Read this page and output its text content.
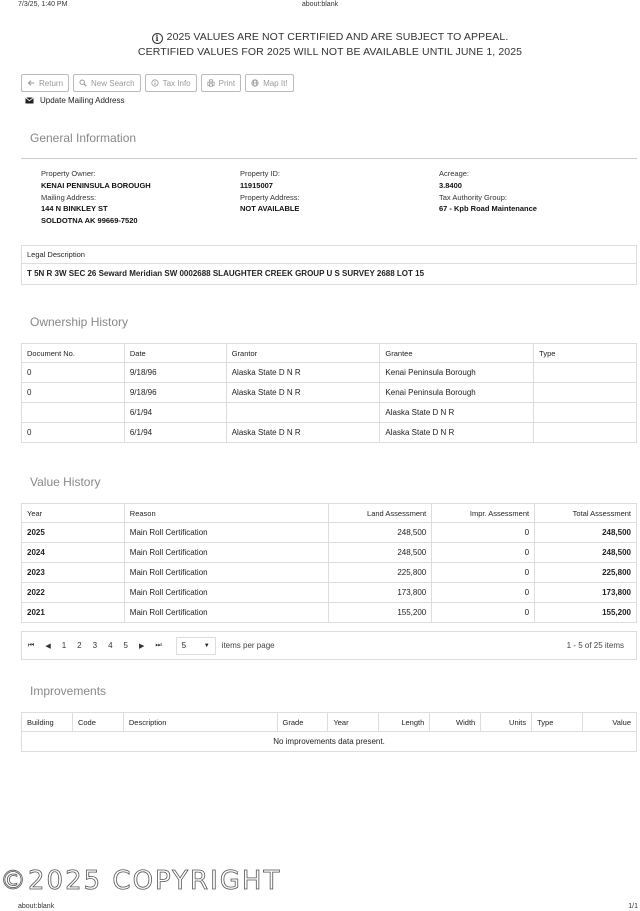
7/3/25, 1:40 PM	about:blank
i 2025 VALUES ARE NOT CERTIFIED AND ARE SUBJECT TO APPEAL.
CERTIFIED VALUES FOR 2025 WILL NOT BE AVAILABLE UNTIL JUNE 1, 2025
Return	New Search	Tax Info	Print	Map It!
Update Mailing Address
General Information
Property Owner:
KENAI PENINSULA BOROUGH
Mailing Address:
144 N BINKLEY ST
SOLDOTNA AK 99669-7520
Property ID:
11915007
Property Address:
NOT AVAILABLE
Acreage:
3.8400
Tax Authority Group:
67 - Kpb Road Maintenance
Legal Description
T 5N R 3W SEC 26 Seward Meridian SW 0002688 SLAUGHTER CREEK GROUP U S SURVEY 2688 LOT 15
Ownership History
Document No.	Date	Grantor	Grantee	Type
0	9/18/96	Alaska State D N R	Kenai Peninsula Borough	
0	9/18/96	Alaska State D N R	Kenai Peninsula Borough	
	6/1/94		Alaska State D N R	
0	6/1/94	Alaska State D N R	Alaska State D N R	
Value History
Year	Reason	Land Assessment	Impr. Assessment	Total Assessment
2025	Main Roll Certification	248,500	0	248,500
2024	Main Roll Certification	248,500	0	248,500
2023	Main Roll Certification	225,800	0	225,800
2022	Main Roll Certification	173,800	0	173,800
2021	Main Roll Certification	155,200	0	155,200
⏮ ◀ 1 2 3 4 5 ▶ ⏭	5	▼ items per page	1 - 5 of 25 items
Improvements
Building	Code	Description	Grade	Year	Length	Width	Units	Type	Value
No improvements data present.
©2025 COPYRIGHT
about:blank	1/1
